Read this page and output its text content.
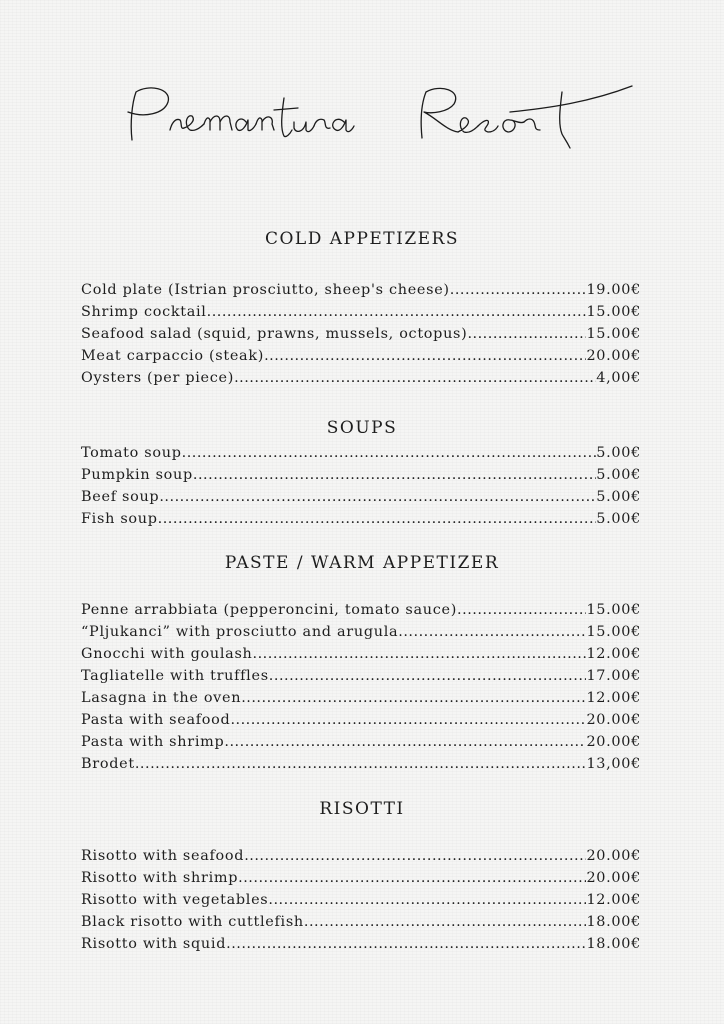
COLD APPETIZERS
Cold plate (Istrian prosciutto, sheep's cheese) .....	19.00€
Shrimp cocktail .....	15.00€
Seafood salad (squid, prawns, mussels, octopus) .....	15.00€
Meat carpaccio (steak) .....	20.00€
Oysters (per piece) .....	4,00€
SOUPS
Tomato soup .....	5.00€
Pumpkin soup .....	5.00€
Beef soup .....	5.00€
Fish soup .....	5.00€
PASTE / WARM APPETIZER
Penne arrabbiata (pepperoncini, tomato sauce) .....	15.00€
“Pljukanci” with prosciutto and arugula .....	15.00€
Gnocchi with goulash .....	12.00€
Tagliatelle with truffles .....	17.00€
Lasagna in the oven .....	12.00€
Pasta with seafood .....	20.00€
Pasta with shrimp .....	20.00€
Brodet .....	13,00€
RISOTTI
Risotto with seafood .....	20.00€
Risotto with shrimp .....	20.00€
Risotto with vegetables .....	12.00€
Black risotto with cuttlefish .....	18.00€
Risotto with squid .....	18.00€
